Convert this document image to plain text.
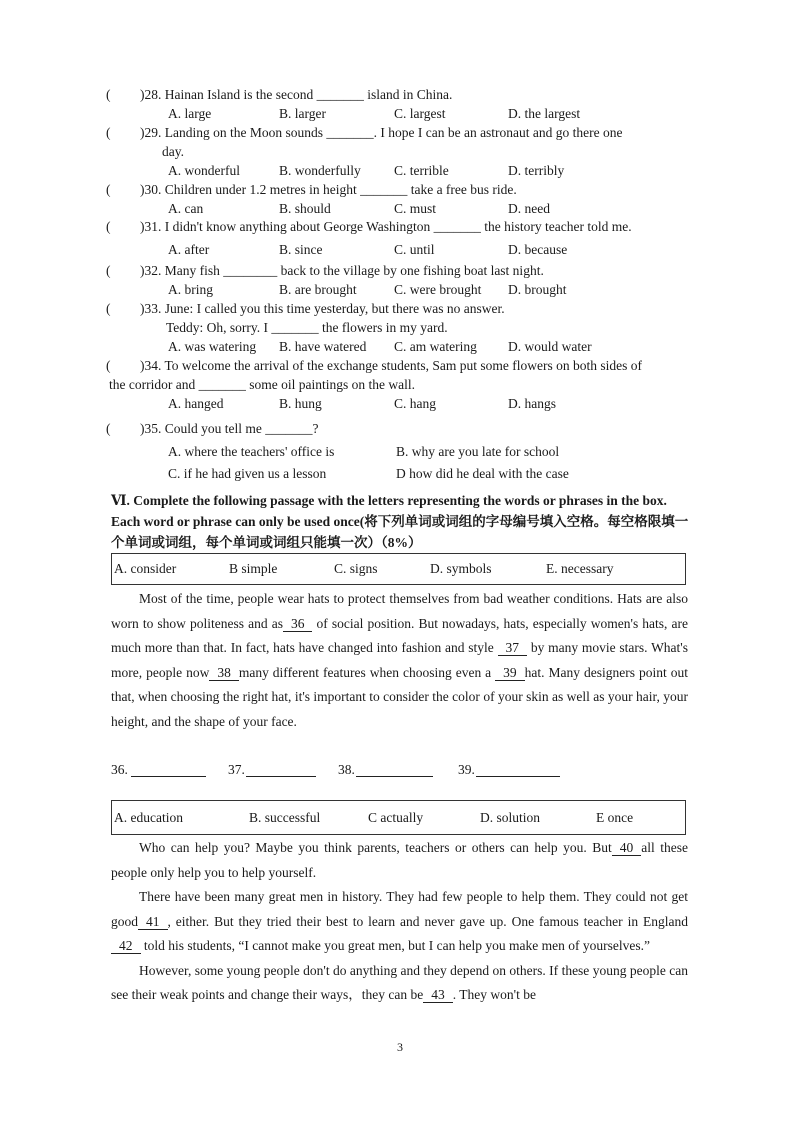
( )28. Hainan Island is the second _______ island in China.
A. large	B. larger	C. largest	D. the largest
( )29. Landing on the Moon sounds _______. I hope I can be an astronaut and go there one
day.
A. wonderful	B. wonderfully C. terrible	D. terribly
( )30. Children under 1.2 metres in height _______ take a free bus ride.
A. can	B. should	C. must	D. need
( )31. I didn't know anything about George Washington _______ the history teacher told me.
A. after	B. since	C. until	D. because
( )32. Many fish ________ back to the village by one fishing boat last night.
A. bring	B. are brought	C. were brought D. brought
( )33. June: I called you this time yesterday, but there was no answer.
Teddy: Oh, sorry. I _______ the flowers in my yard.
A. was watering B. have watered C. am watering D. would water
( )34. To welcome the arrival of the exchange students, Sam put some flowers on both sides of
the corridor and _______ some oil paintings on the wall.
A. hanged	B. hung	C. hang	D. hangs
( )35. Could you tell me _______?
A. where the teachers' office is	B. why are you late for school
C. if he had given us a lesson	D how did he deal with the case
Ⅵ. Complete the following passage with the letters representing the words or phrases in the box. Each word or phrase can only be used once(将下列单词或词组的字母编号填入空格。每空格限填一个单词或词组，每个单词或词组只能填一次）（8%）
A. consider	B simple	C. signs	D. symbols	E. necessary

Most of the time, people wear hats to protect themselves from bad weather conditions. Hats are also worn to show politeness and as 36 of social position. But nowadays, hats, especially women's hats, are much more than that. In fact, hats have changed into fashion and style 37 by many movie stars. What's more, people now 38 many different features when choosing even a 39 hat. Many designers point out that, when choosing the right hat, it's important to consider the color of your skin as well as your hair, your height, and the shape of your face.

36.	37.	38.	39.
A. education	B. successful	C actually	D. solution	E once

Who can help you? Maybe you think parents, teachers or others can help you. But 40 all these people only help you to help yourself.

There have been many great men in history. They had few people to help them. They could not get good 41 , either. But they tried their best to learn and never gave up. One famous teacher in England 42 told his students, “I cannot make you great men, but I can help you make men of yourselves.”

However, some young people don't do anything and they depend on others. If these young people can see their weak points and change their ways，they can be 43 . They won't be

3
